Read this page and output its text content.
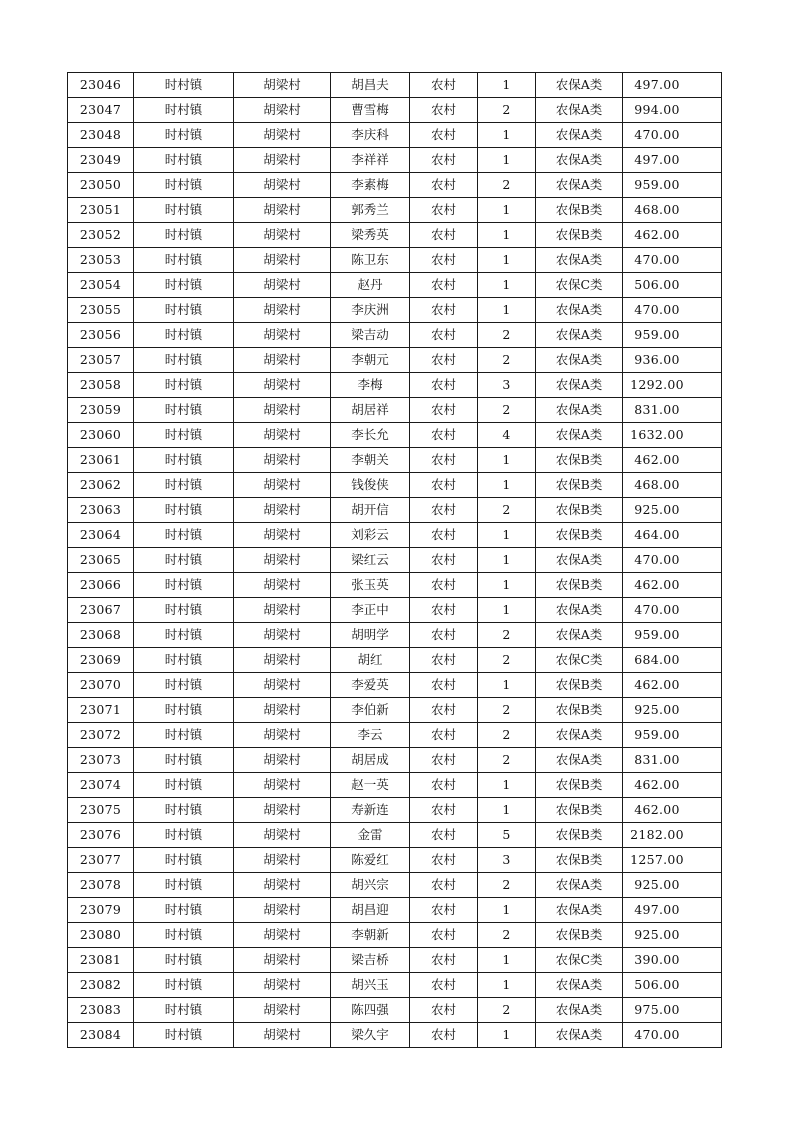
23046	时村镇	胡梁村	胡昌夫	农村	1	农保A类	497.00
23047	时村镇	胡梁村	曹雪梅	农村	2	农保A类	994.00
23048	时村镇	胡梁村	李庆科	农村	1	农保A类	470.00
23049	时村镇	胡梁村	李祥祥	农村	1	农保A类	497.00
23050	时村镇	胡梁村	李素梅	农村	2	农保A类	959.00
23051	时村镇	胡梁村	郭秀兰	农村	1	农保B类	468.00
23052	时村镇	胡梁村	梁秀英	农村	1	农保B类	462.00
23053	时村镇	胡梁村	陈卫东	农村	1	农保A类	470.00
23054	时村镇	胡梁村	赵丹	农村	1	农保C类	506.00
23055	时村镇	胡梁村	李庆洲	农村	1	农保A类	470.00
23056	时村镇	胡梁村	梁吉动	农村	2	农保A类	959.00
23057	时村镇	胡梁村	李朝元	农村	2	农保A类	936.00
23058	时村镇	胡梁村	李梅	农村	3	农保A类	1292.00
23059	时村镇	胡梁村	胡居祥	农村	2	农保A类	831.00
23060	时村镇	胡梁村	李长允	农村	4	农保A类	1632.00
23061	时村镇	胡梁村	李朝关	农村	1	农保B类	462.00
23062	时村镇	胡梁村	钱俊侠	农村	1	农保B类	468.00
23063	时村镇	胡梁村	胡开信	农村	2	农保B类	925.00
23064	时村镇	胡梁村	刘彩云	农村	1	农保B类	464.00
23065	时村镇	胡梁村	梁红云	农村	1	农保A类	470.00
23066	时村镇	胡梁村	张玉英	农村	1	农保B类	462.00
23067	时村镇	胡梁村	李正中	农村	1	农保A类	470.00
23068	时村镇	胡梁村	胡明学	农村	2	农保A类	959.00
23069	时村镇	胡梁村	胡红	农村	2	农保C类	684.00
23070	时村镇	胡梁村	李爱英	农村	1	农保B类	462.00
23071	时村镇	胡梁村	李伯新	农村	2	农保B类	925.00
23072	时村镇	胡梁村	李云	农村	2	农保A类	959.00
23073	时村镇	胡梁村	胡居成	农村	2	农保A类	831.00
23074	时村镇	胡梁村	赵一英	农村	1	农保B类	462.00
23075	时村镇	胡梁村	寿新连	农村	1	农保B类	462.00
23076	时村镇	胡梁村	金雷	农村	5	农保B类	2182.00
23077	时村镇	胡梁村	陈爱红	农村	3	农保B类	1257.00
23078	时村镇	胡梁村	胡兴宗	农村	2	农保A类	925.00
23079	时村镇	胡梁村	胡昌迎	农村	1	农保A类	497.00
23080	时村镇	胡梁村	李朝新	农村	2	农保B类	925.00
23081	时村镇	胡梁村	梁吉桥	农村	1	农保C类	390.00
23082	时村镇	胡梁村	胡兴玉	农村	1	农保A类	506.00
23083	时村镇	胡梁村	陈四强	农村	2	农保A类	975.00
23084	时村镇	胡梁村	梁久宇	农村	1	农保A类	470.00
